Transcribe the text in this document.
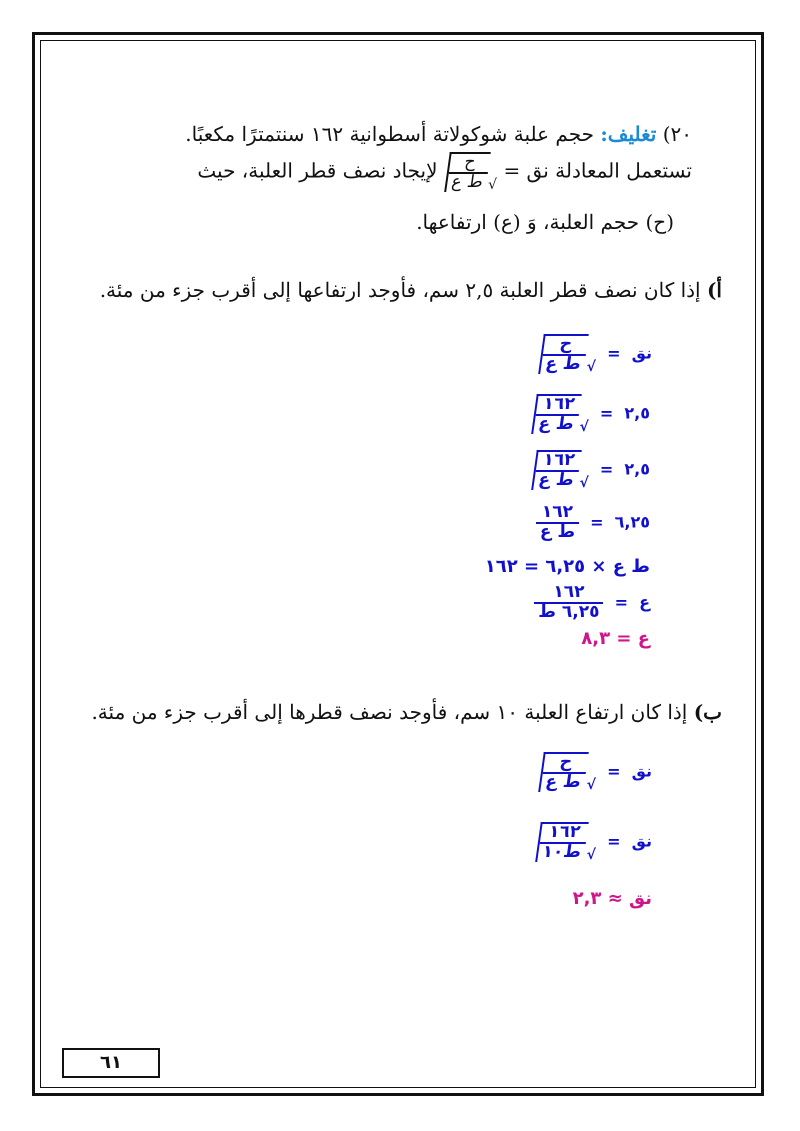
٢٠) تغليف: حجم علبة شوكولاتة أسطوانية ١٦٢ سنتمترًا مكعبًا.
تستعمل المعادلة نق =
√
$\frac{\text{ح}}{\text{ط ع}}$
لإيجاد نصف قطر العلبة، حيث
(ح) حجم العلبة، وَ (ع) ارتفاعها.
أ) إذا كان نصف قطر العلبة ٢,٥ سم، فأوجد ارتفاعها إلى أقرب جزء من مئة.
نق =
√
$\frac{\text{ح}}{\text{ط ع}}$
٢,٥ =
√
$\frac{١٦٢}{\text{ط ع}}$
٢,٥ =
√
$\frac{١٦٢}{\text{ط ع}}$
٦,٢٥ =
$\frac{١٦٢}{\text{ط ع}}$
ط ع × ٦,٢٥ = ١٦٢
ع =
$\frac{١٦٢}{\text{٦,٢٥ ط}}$
ع = ٨,٣
ب) إذا كان ارتفاع العلبة ١٠ سم، فأوجد نصف قطرها إلى أقرب جزء من مئة.
نق =
√
$\frac{\text{ح}}{\text{ط ع}}$
نق =
√
$\frac{١٦٢}{\text{ط١٠}}$
نق ≈ ٢,٣
٦١
